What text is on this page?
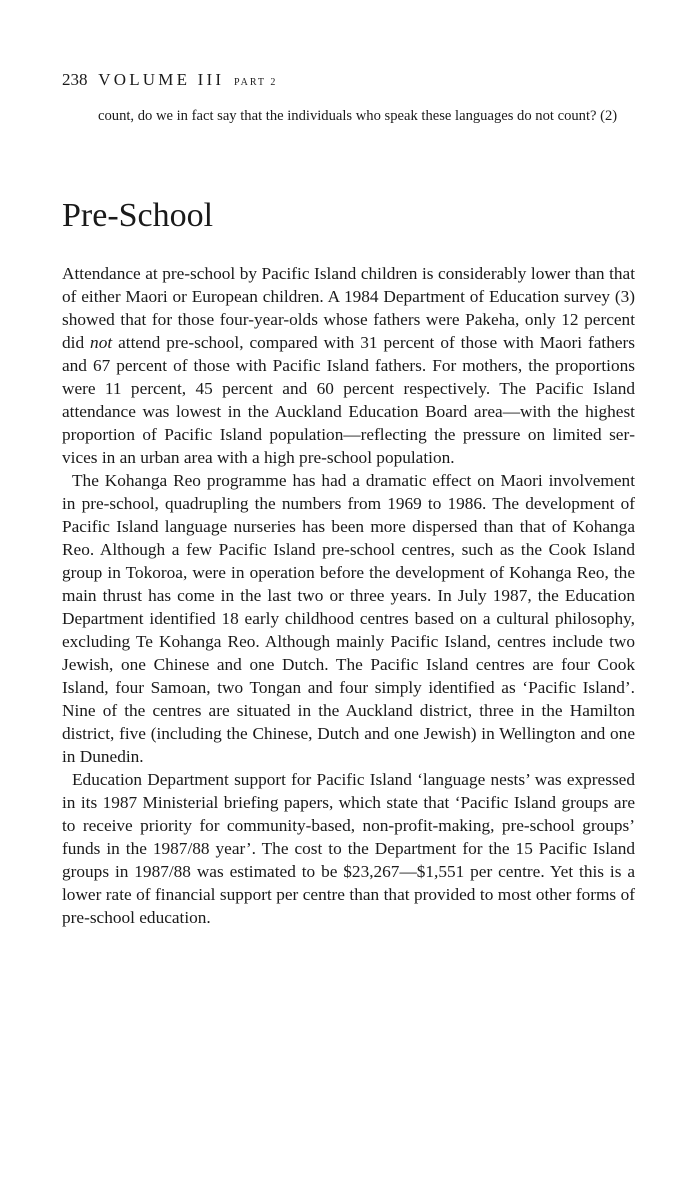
238 VOLUME III PART 2

count, do we in fact say that the individuals who speak these languages do not count? (2)

Pre-School

Attendance at pre-school by Pacific Island children is considerably lower than that of either Maori or European children. A 1984 Department of Education survey (3) showed that for those four-year-olds whose fathers were Pakeha, only 12 percent did not attend pre-school, compared with 31 percent of those with Maori fathers and 67 percent of those with Pacific Island fathers. For mothers, the proportions were 11 percent, 45 percent and 60 percent respectively. The Pacific Island attendance was lowest in the Auckland Education Board area—with the highest proportion of Pacific Island population—reflecting the pressure on limited services in an urban area with a high pre-school population.

The Kohanga Reo programme has had a dramatic effect on Maori involvement in pre-school, quadrupling the numbers from 1969 to 1986. The development of Pacific Island language nurseries has been more dispersed than that of Kohanga Reo. Although a few Pacific Island pre-school centres, such as the Cook Island group in Tokoroa, were in operation before the development of Kohanga Reo, the main thrust has come in the last two or three years. In July 1987, the Education Department identified 18 early childhood centres based on a cultural philosophy, excluding Te Kohanga Reo. Although mainly Pacific Island, centres include two Jewish, one Chinese and one Dutch. The Pacific Island centres are four Cook Island, four Samoan, two Tongan and four simply identified as ‘Pacific Island’. Nine of the centres are situated in the Auckland district, three in the Hamilton district, five (including the Chinese, Dutch and one Jewish) in Wellington and one in Dunedin.

Education Department support for Pacific Island ‘language nests’ was expressed in its 1987 Ministerial briefing papers, which state that ‘Pacific Island groups are to receive priority for community-based, non-profit-making, pre-school groups’ funds in the 1987/88 year’. The cost to the Department for the 15 Pacific Island groups in 1987/88 was estimated to be $23,267—$1,551 per centre. Yet this is a lower rate of financial support per centre than that provided to most other forms of pre-school education.
